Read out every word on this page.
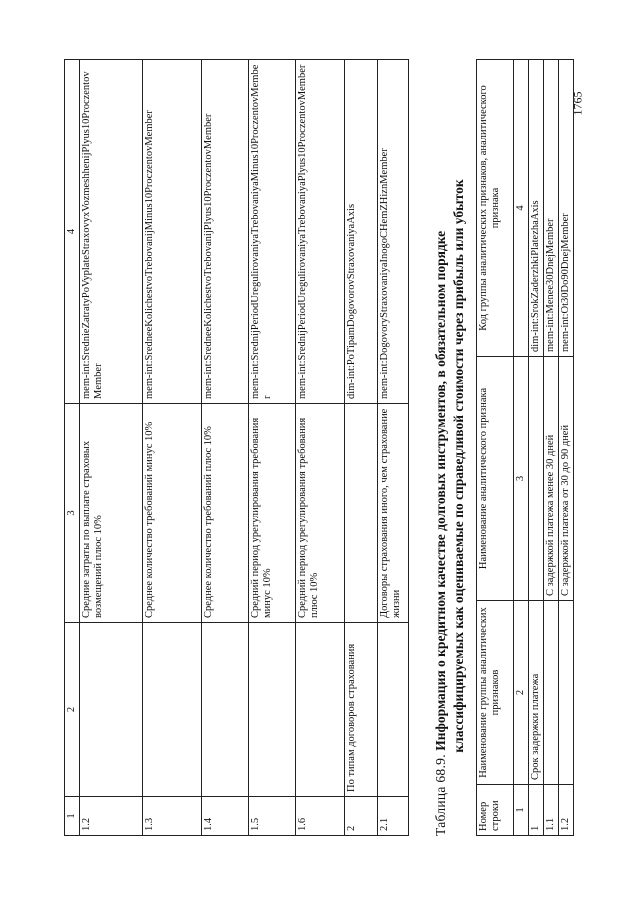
1	2	3	4
1.2		Средние затраты по выплате страховых возмещений плюс 10%	mem-int:SrednieZatratyPoVyplateStraxovyxVozmeshhenijPlyus10ProczentovMember
1.3		Среднее количество требований минус 10%	mem-int:SredneeKolichestvoTrebovanijMinus10ProczentovMember
1.4		Среднее количество требований плюс 10%	mem-int:SredneeKolichestvoTrebovanijPlyus10ProczentovMember
1.5		Средний период урегулирования требования минус 10%	mem-int:SrednijPeriodUregulirovaniyaTrebovaniyaMinus10ProczentovMember
1.6		Средний период урегулирования требования плюс 10%	mem-int:SrednijPeriodUregulirovaniyaTrebovaniyaPlyus10ProczentovMember
2	По типам договоров страхования		dim-int:PoTipamDogovorovStraxovaniyaAxis
2.1		Договоры страхования иного, чем страхование жизни	mem-int:DogovoryStraxovaniyaInogoCHemZHiznMember
Таблица 68.9. Информация о кредитном качестве долговых инструментов, в обязательном порядке классифицируемых как оцениваемые по справедливой стоимости через прибыль или убыток
Номер строки	Наименование группы аналитических признаков	Наименование аналитического признака	Код группы аналитических признаков, аналитического признака
1	2	3	4
1	Срок задержки платежа		dim-int:SrokZaderzhkiPlatezhaAxis
1.1		С задержкой платежа менее 30 дней	mem-int:Menee30DnejMember
1.2		С задержкой платежа от 30 до 90 дней	mem-int:Ot30Do90DnejMember
1765
